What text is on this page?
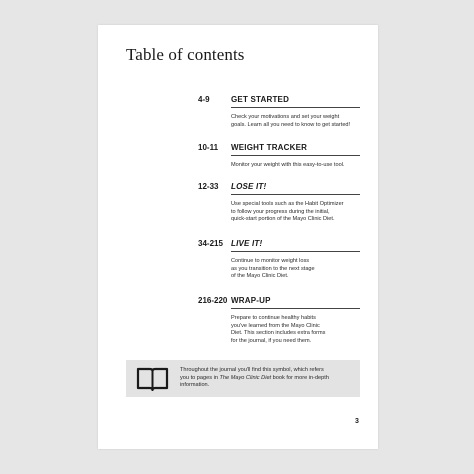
Table of contents
4-9	GET STARTED
Check your motivations and set your weight
goals. Learn all you need to know to get started!
10-11 WEIGHT TRACKER
Monitor your weight with this easy-to-use tool.
12-33 LOSE IT!
Use special tools such as the Habit Optimizer
to follow your progress during the initial,
quick-start portion of the Mayo Clinic Diet.
34-215 LIVE IT!
Continue to monitor weight loss
as you transition to the next stage
of the Mayo Clinic Diet.
216-220 WRAP-UP
Prepare to continue healthy habits
you've learned from the Mayo Clinic
Diet. This section includes extra forms
for the journal, if you need them.
Throughout the journal you'll find this symbol, which refers
you to pages in The Mayo Clinic Diet book for more in-depth
information.
3
